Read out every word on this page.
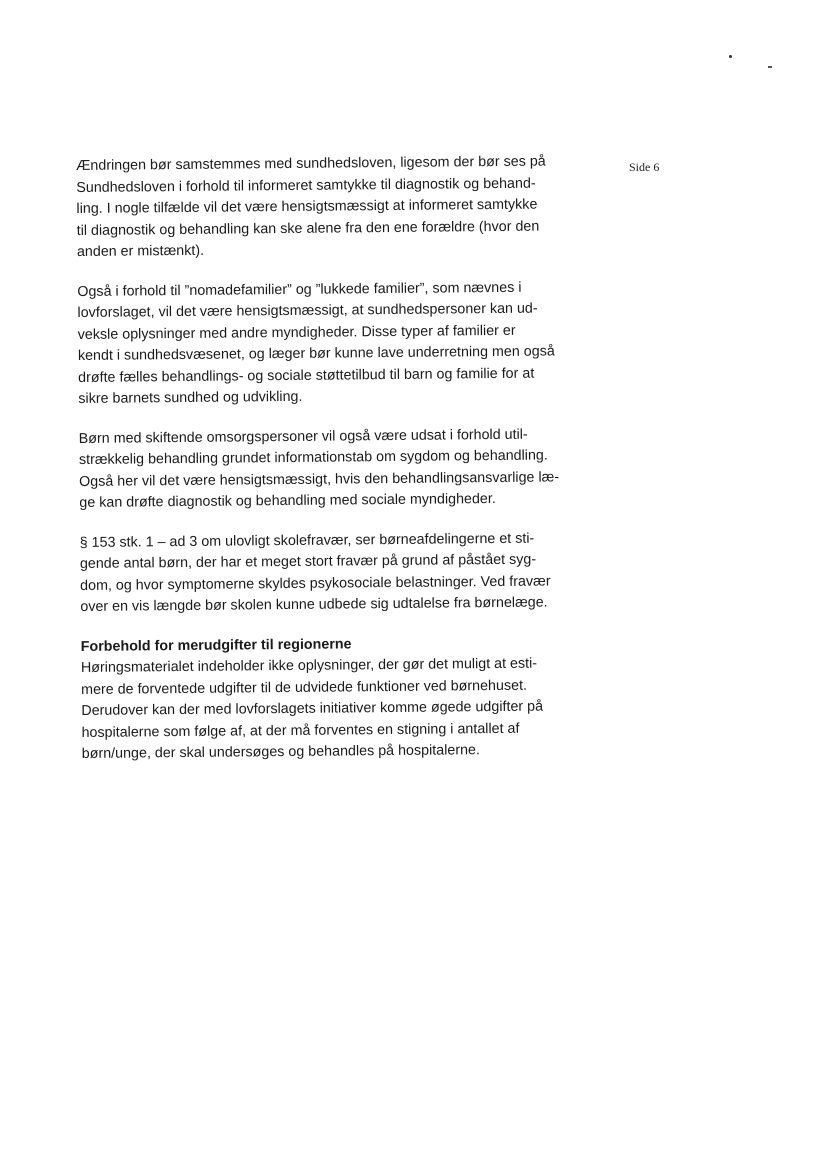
Side 6

Ændringen bør samstemmes med sundhedsloven, ligesom der bør ses på
Sundhedsloven i forhold til informeret samtykke til diagnostik og behand-
ling. I nogle tilfælde vil det være hensigtsmæssigt at informeret samtykke
til diagnostik og behandling kan ske alene fra den ene forældre (hvor den
anden er mistænkt).

Også i forhold til ”nomadefamilier” og ”lukkede familier”, som nævnes i
lovforslaget, vil det være hensigtsmæssigt, at sundhedspersoner kan ud-
veksle oplysninger med andre myndigheder. Disse typer af familier er
kendt i sundhedsvæsenet, og læger bør kunne lave underretning men også
drøfte fælles behandlings- og sociale støttetilbud til barn og familie for at
sikre barnets sundhed og udvikling.

Børn med skiftende omsorgspersoner vil også være udsat i forhold util-
strækkelig behandling grundet informationstab om sygdom og behandling.
Også her vil det være hensigtsmæssigt, hvis den behandlingsansvarlige læ-
ge kan drøfte diagnostik og behandling med sociale myndigheder.

§ 153 stk. 1 – ad 3 om ulovligt skolefravær, ser børneafdelingerne et sti-
gende antal børn, der har et meget stort fravær på grund af påstået syg-
dom, og hvor symptomerne skyldes psykosociale belastninger. Ved fravær
over en vis længde bør skolen kunne udbede sig udtalelse fra børnelæge.

Forbehold for merudgifter til regionerne

Høringsmaterialet indeholder ikke oplysninger, der gør det muligt at esti-
mere de forventede udgifter til de udvidede funktioner ved børnehuset.
Derudover kan der med lovforslagets initiativer komme øgede udgifter på
hospitalerne som følge af, at der må forventes en stigning i antallet af
børn/unge, der skal undersøges og behandles på hospitalerne.
